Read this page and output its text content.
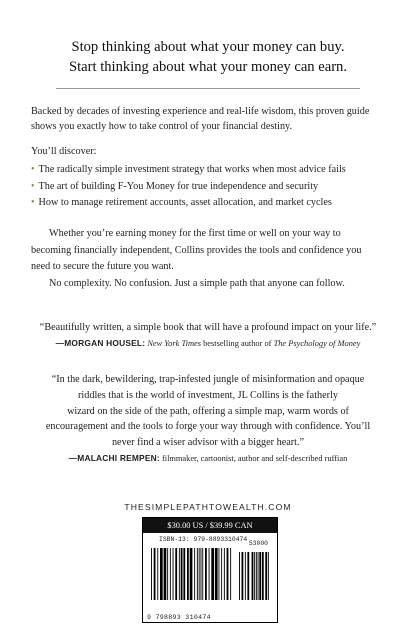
Stop thinking about what your money can buy.
Start thinking about what your money can earn.
Backed by decades of investing experience and real-life wisdom, this proven guide
shows you exactly how to take control of your financial destiny.
You’ll discover:
• The radically simple investment strategy that works when most advice fails
• The art of building F-You Money for true independence and security
• How to manage retirement accounts, asset allocation, and market cycles
Whether you’re earning money for the first time or well on your way to
becoming financially independent, Collins provides the tools and confidence you
need to secure the future you want.
No complexity. No confusion. Just a simple path that anyone can follow.
“Beautifully written, a simple book that will have a profound impact on your life.”
—MORGAN HOUSEL: New York Times bestselling author of The Psychology of Money
“In the dark, bewildering, trap-infested jungle of misinformation and opaque
riddles that is the world of investment, JL Collins is the fatherly
wizard on the side of the path, offering a simple map, warm words of
encouragement and the tools to forge your way through with confidence. You’ll
never find a wiser advisor with a bigger heart.”
—MALACHI REMPEN: filmmaker, cartoonist, author and self-described ruffian
THESIMPLEPATHTOWEALTH.COM
$30.00 US / $39.99 CAN
ISBN-13: 979-8893310474
53000
9 798893 310474
